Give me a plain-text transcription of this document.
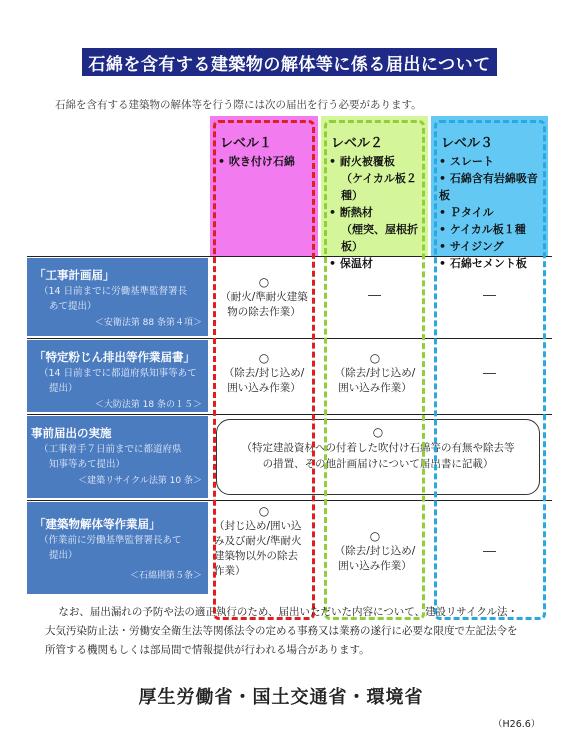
石綿を含有する建築物の解体等に係る届出について
石綿を含有する建築物の解体等を行う際には次の届出を行う必要があります。
レベル１
• 吹き付け石綿
レベル２
• 耐火被覆板
（ケイカル板２種）
• 断熱材
（煙突、屋根折板）
• 保温材
レベル３
• スレート
• 石綿含有岩綿吸音板
• Ｐタイル
• ケイカル板１種
• サイジング
• 石綿セメント板
「工事計画届」
（14 日前までに労働基準監督署長
あて提出）
＜安衛法第 88 条第４項＞
「特定粉じん排出等作業届書」
（14 日前までに都道府県知事等あて
提出）
＜大防法第 18 条の１５＞
事前届出の実施
（工事着手７日前までに都道府県
知事等あて提出）
＜建築リサイクル法第 10 条＞
「建築物解体等作業届」
（作業前に労働基準監督署長あて
提出）
＜石綿則第５条＞
○
（耐火/準耐火建築
物の除去作業）
―	―
○
（除去/封じ込め/
囲い込み作業）
○
（除去/封じ込め/
囲い込み作業）
―
○
（特定建設資材への付着した吹付け石綿等の有無や除去等
の措置、その他計画届けについて届出書に記載）
○
（封じ込め/囲い込
み及び耐火/準耐火
建築物以外の除去
作業）
○
（除去/封じ込め/
囲い込み作業）
―
なお、届出漏れの予防や法の適正執行のため、届出いただいた内容について、建設リサイクル法・大気汚染防止法・労働安全衛生法等関係法令の定める事務又は業務の遂行に必要な限度で左記法令を所管する機関もしくは部局間で情報提供が行われる場合があります。
厚生労働省・国土交通省・環境省
（H26.6）
